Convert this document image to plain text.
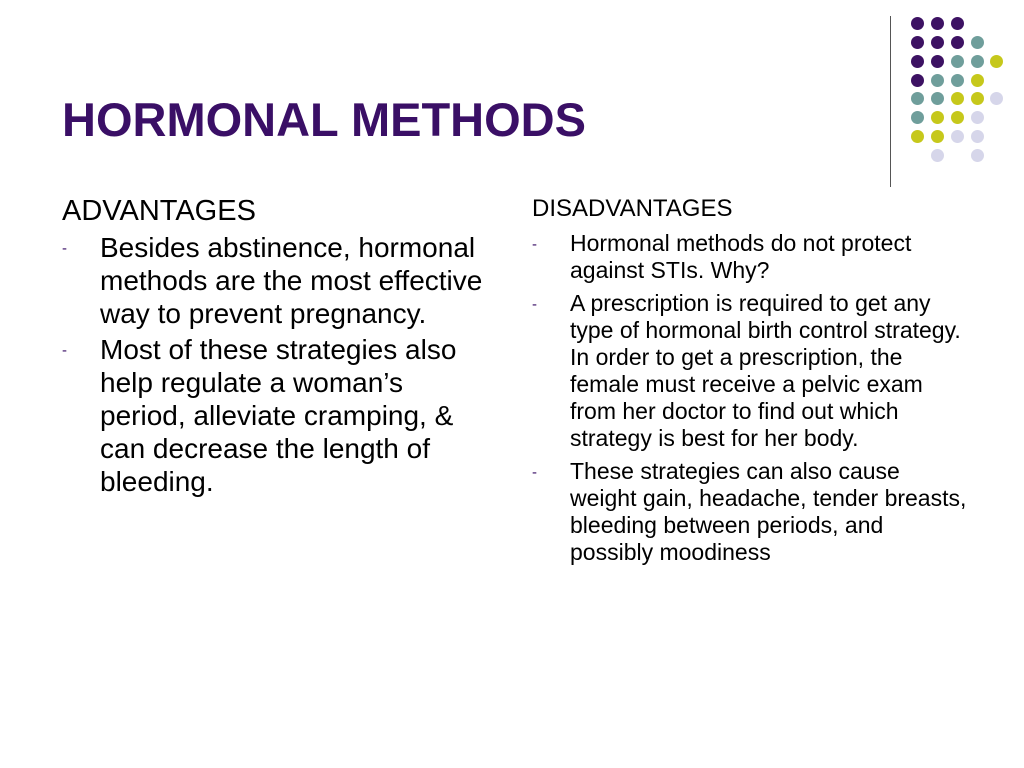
HORMONAL METHODS
ADVANTAGES
- Besides abstinence, hormonal methods are the most effective way to prevent pregnancy.
- Most of these strategies also help regulate a woman’s period, alleviate cramping, & can decrease the length of bleeding.
DISADVANTAGES
- Hormonal methods do not protect against STIs. Why?
- A prescription is required to get any type of hormonal birth control strategy. In order to get a prescription, the female must receive a pelvic exam from her doctor to find out which strategy is best for her body.
- These strategies can also cause weight gain, headache, tender breasts, bleeding between periods, and possibly moodiness
